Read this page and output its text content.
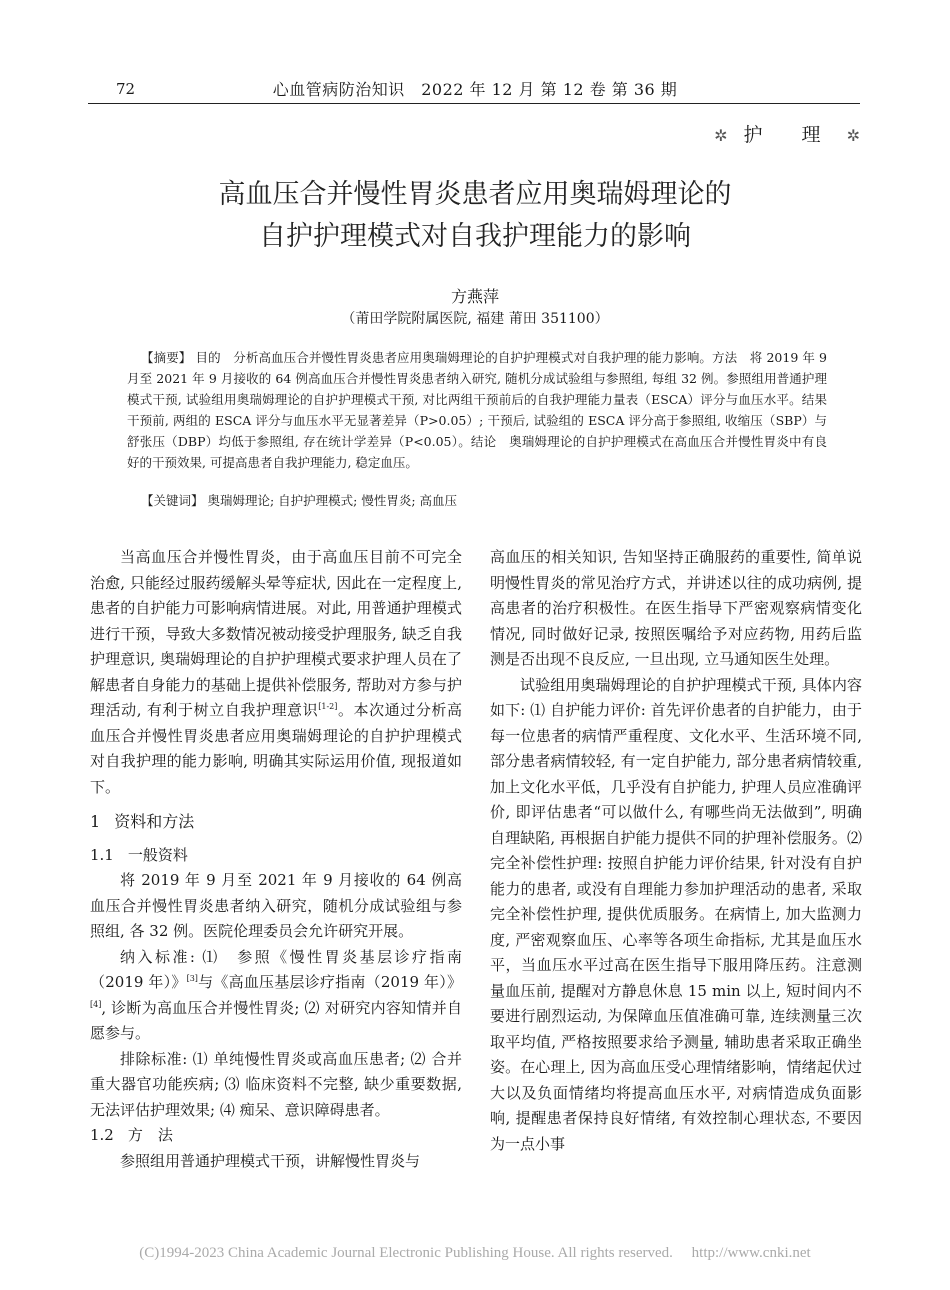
72	心血管病防治知识　2022 年 12 月 第 12 卷 第 36 期
✲ 护　理 ✲
高血压合并慢性胃炎患者应用奥瑞姆理论的
自护护理模式对自我护理能力的影响
方燕萍
（莆田学院附属医院, 福建 莆田 351100）

【摘要】 目的　分析高血压合并慢性胃炎患者应用奥瑞姆理论的自护护理模式对自我护理的能力影响。方法　将 2019 年 9 月至 2021 年 9 月接收的 64 例高血压合并慢性胃炎患者纳入研究, 随机分成试验组与参照组, 每组 32 例。参照组用普通护理模式干预, 试验组用奥瑞姆理论的自护护理模式干预, 对比两组干预前后的自我护理能力量表（ESCA）评分与血压水平。结果　干预前, 两组的 ESCA 评分与血压水平无显著差异（P>0.05）; 干预后, 试验组的 ESCA 评分高于参照组, 收缩压（SBP）与舒张压（DBP）均低于参照组, 存在统计学差异（P<0.05）。结论　奥瑞姆理论的自护护理模式在高血压合并慢性胃炎中有良好的干预效果, 可提高患者自我护理能力, 稳定血压。

【关键词】 奥瑞姆理论; 自护护理模式; 慢性胃炎; 高血压

当高血压合并慢性胃炎，由于高血压目前不可完全治愈, 只能经过服药缓解头晕等症状, 因此在一定程度上, 患者的自护能力可影响病情进展。对此, 用普通护理模式进行干预，导致大多数情况被动接受护理服务, 缺乏自我护理意识, 奥瑞姆理论的自护护理模式要求护理人员在了解患者自身能力的基础上提供补偿服务, 帮助对方参与护理活动, 有利于树立自我护理意识[1-2]。本次通过分析高血压合并慢性胃炎患者应用奥瑞姆理论的自护护理模式对自我护理的能力影响, 明确其实际运用价值, 现报道如下。

1 资料和方法
1.1 一般资料

将 2019 年 9 月至 2021 年 9 月接收的 64 例高血压合并慢性胃炎患者纳入研究，随机分成试验组与参照组, 各 32 例。医院伦理委员会允许研究开展。

纳入标准: ⑴　参照《慢性胃炎基层诊疗指南（2019 年）》[3]与《高血压基层诊疗指南（2019 年）》[4], 诊断为高血压合并慢性胃炎; ⑵ 对研究内容知情并自愿参与。

排除标准: ⑴ 单纯慢性胃炎或高血压患者; ⑵ 合并重大器官功能疾病; ⑶ 临床资料不完整, 缺少重要数据, 无法评估护理效果; ⑷ 痴呆、意识障碍患者。

1.2 方　法

参照组用普通护理模式干预，讲解慢性胃炎与

高血压的相关知识, 告知坚持正确服药的重要性, 简单说明慢性胃炎的常见治疗方式，并讲述以往的成功病例, 提高患者的治疗积极性。在医生指导下严密观察病情变化情况, 同时做好记录, 按照医嘱给予对应药物, 用药后监测是否出现不良反应, 一旦出现, 立马通知医生处理。

试验组用奥瑞姆理论的自护护理模式干预, 具体内容如下: ⑴ 自护能力评价: 首先评价患者的自护能力，由于每一位患者的病情严重程度、文化水平、生活环境不同, 部分患者病情较轻, 有一定自护能力, 部分患者病情较重, 加上文化水平低，几乎没有自护能力, 护理人员应准确评价, 即评估患者“可以做什么, 有哪些尚无法做到”, 明确自理缺陷, 再根据自护能力提供不同的护理补偿服务。⑵ 完全补偿性护理: 按照自护能力评价结果, 针对没有自护能力的患者, 或没有自理能力参加护理活动的患者, 采取完全补偿性护理, 提供优质服务。在病情上, 加大监测力度, 严密观察血压、心率等各项生命指标, 尤其是血压水平，当血压水平过高在医生指导下服用降压药。注意测量血压前, 提醒对方静息休息 15 min 以上, 短时间内不要进行剧烈运动, 为保障血压值准确可靠, 连续测量三次取平均值, 严格按照要求给予测量, 辅助患者采取正确坐姿。在心理上, 因为高血压受心理情绪影响，情绪起伏过大以及负面情绪均将提高血压水平, 对病情造成负面影响, 提醒患者保持良好情绪, 有效控制心理状态, 不要因为一点小事

(C)1994-2023 China Academic Journal Electronic Publishing House. All rights reserved.　 http://www.cnki.net
